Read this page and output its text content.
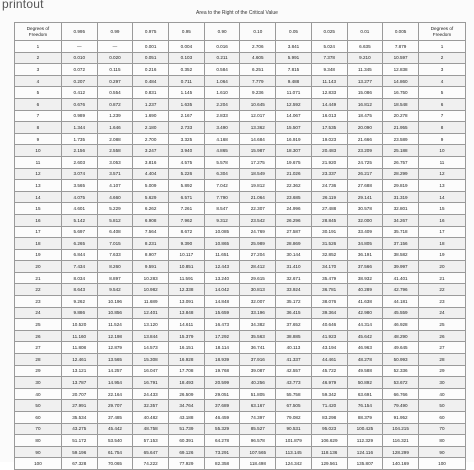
printout
Area to the Right of the Critical Value
Degrees of
Freedom	0.995	0.99	0.975	0.95	0.90	0.10	0.05	0.025	0.01	0.005	Degrees of
Freedom
1	—	—	0.001	0.004	0.016	2.706	3.841	5.024	6.635	7.879	1
2	0.010	0.020	0.051	0.103	0.211	4.605	5.991	7.378	9.210	10.597	2
3	0.072	0.115	0.216	0.352	0.584	6.251	7.815	9.348	11.345	12.838	3
4	0.207	0.297	0.484	0.711	1.064	7.779	9.488	11.143	13.277	14.860	4
5	0.412	0.554	0.831	1.145	1.610	9.236	11.071	12.833	15.086	16.750	5
6	0.676	0.872	1.237	1.635	2.204	10.645	12.592	14.449	16.812	18.548	6
7	0.989	1.239	1.690	2.167	2.833	12.017	14.067	16.013	18.475	20.278	7
8	1.344	1.646	2.180	2.733	3.490	13.362	15.507	17.535	20.090	21.955	8
9	1.735	2.088	2.700	3.325	4.168	14.684	16.919	19.023	21.666	23.589	9
10	2.156	2.558	3.247	3.940	4.865	15.987	18.307	20.483	23.209	25.188	10
11	2.603	3.053	3.816	4.575	5.578	17.275	19.675	21.920	24.725	26.757	11
12	3.074	3.571	4.404	5.226	6.304	18.549	21.026	23.337	26.217	28.299	12
13	3.565	4.107	5.009	5.892	7.042	19.812	22.362	24.736	27.688	29.819	13
14	4.075	4.660	5.629	6.571	7.790	21.064	23.685	26.119	29.141	31.319	14
15	4.601	5.229	6.262	7.261	8.547	22.307	24.996	27.488	30.578	32.801	15
16	5.142	5.812	6.908	7.962	9.312	23.542	26.296	28.845	32.000	34.267	16
17	5.697	6.408	7.564	8.672	10.085	24.769	27.587	30.191	33.409	35.718	17
18	6.265	7.015	8.231	9.390	10.865	25.989	28.869	31.526	34.805	37.156	18
19	6.844	7.633	8.907	10.117	11.651	27.204	30.144	32.852	36.191	38.582	19
20	7.434	8.260	9.591	10.851	12.443	28.412	31.410	34.170	37.566	39.997	20
21	8.034	8.897	10.283	11.591	13.240	29.615	32.671	35.479	38.932	41.401	21
22	8.643	9.542	10.982	12.338	14.042	30.813	33.924	36.781	40.289	42.796	22
23	9.262	10.196	11.689	13.091	14.848	32.007	35.172	38.076	41.638	44.181	23
24	9.886	10.856	12.401	13.848	15.659	33.196	36.415	39.364	42.980	45.559	24
25	10.520	11.524	13.120	14.611	16.473	34.382	37.652	40.646	44.314	46.928	25
26	11.160	12.198	13.844	15.379	17.292	35.563	38.885	41.923	45.642	48.290	26
27	11.808	12.879	14.573	16.151	18.114	36.741	40.113	43.194	46.963	49.645	27
28	12.461	13.565	15.308	16.928	18.939	37.916	41.337	44.461	48.278	50.993	28
29	13.121	14.257	16.047	17.708	19.768	39.087	42.557	45.722	49.588	52.336	29
30	13.787	14.954	16.791	18.493	20.599	40.256	43.773	46.979	50.892	53.672	30
40	20.707	22.164	24.433	26.509	29.051	51.805	55.758	59.342	63.691	66.766	40
50	27.991	29.707	32.357	34.764	37.689	63.167	67.505	71.420	76.154	79.490	50
60	35.534	37.485	40.482	43.188	46.459	74.397	79.082	83.298	88.379	91.952	60
70	43.275	45.442	48.758	51.739	55.329	85.527	90.531	95.023	100.425	104.215	70
80	51.172	53.540	57.153	60.391	64.278	96.578	101.879	106.629	112.329	116.321	80
90	59.196	61.754	65.647	69.126	73.291	107.565	113.145	118.136	124.116	128.299	90
100	67.328	70.065	74.222	77.929	82.358	118.498	124.342	129.561	135.807	140.169	100
